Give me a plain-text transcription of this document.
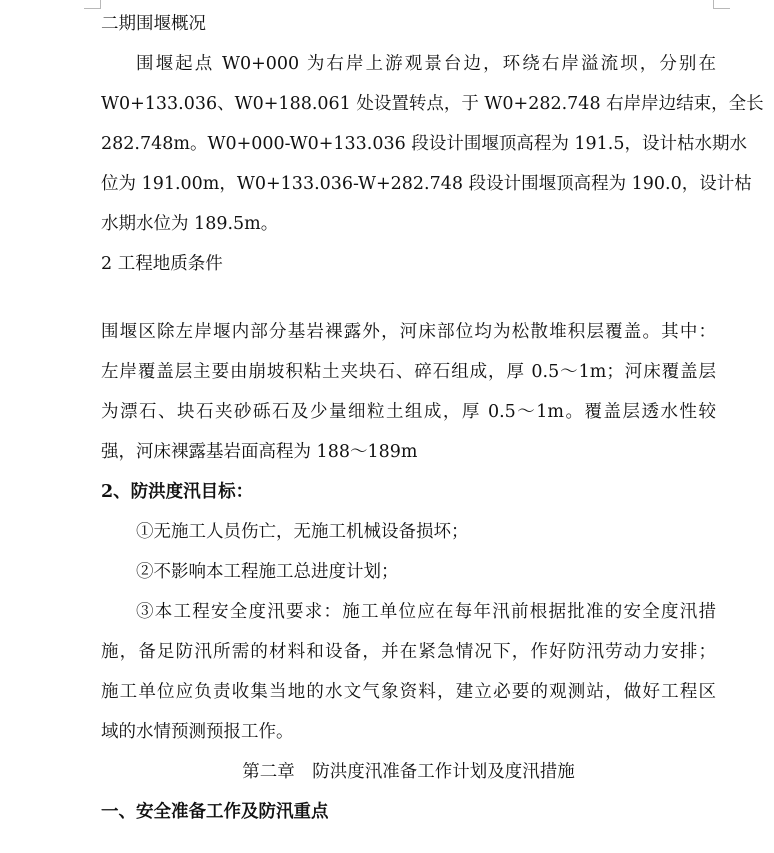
二期围堰概况
围堰起点 W0+000 为右岸上游观景台边，环绕右岸溢流坝，分别在
W0+133.036、W0+188.061 处设置转点，于 W0+282.748 右岸岸边结束，全长
282.748m。W0+000-W0+133.036 段设计围堰顶高程为 191.5，设计枯水期水
位为 191.00m，W0+133.036-W+282.748 段设计围堰顶高程为 190.0，设计枯
水期水位为 189.5m。
2 工程地质条件
围堰区除左岸堰内部分基岩裸露外，河床部位均为松散堆积层覆盖。其中：
左岸覆盖层主要由崩坡积粘土夹块石、碎石组成，厚 0.5～1m；河床覆盖层
为漂石、块石夹砂砾石及少量细粒土组成，厚 0.5～1m。覆盖层透水性较
强，河床裸露基岩面高程为 188～189m
2、防洪度汛目标：
①无施工人员伤亡，无施工机械设备损坏；
②不影响本工程施工总进度计划；
③本工程安全度汛要求：施工单位应在每年汛前根据批准的安全度汛措
施，备足防汛所需的材料和设备，并在紧急情况下，作好防汛劳动力安排；
施工单位应负责收集当地的水文气象资料，建立必要的观测站，做好工程区
域的水情预测预报工作。
第二章　防洪度汛准备工作计划及度汛措施
一、安全准备工作及防汛重点
